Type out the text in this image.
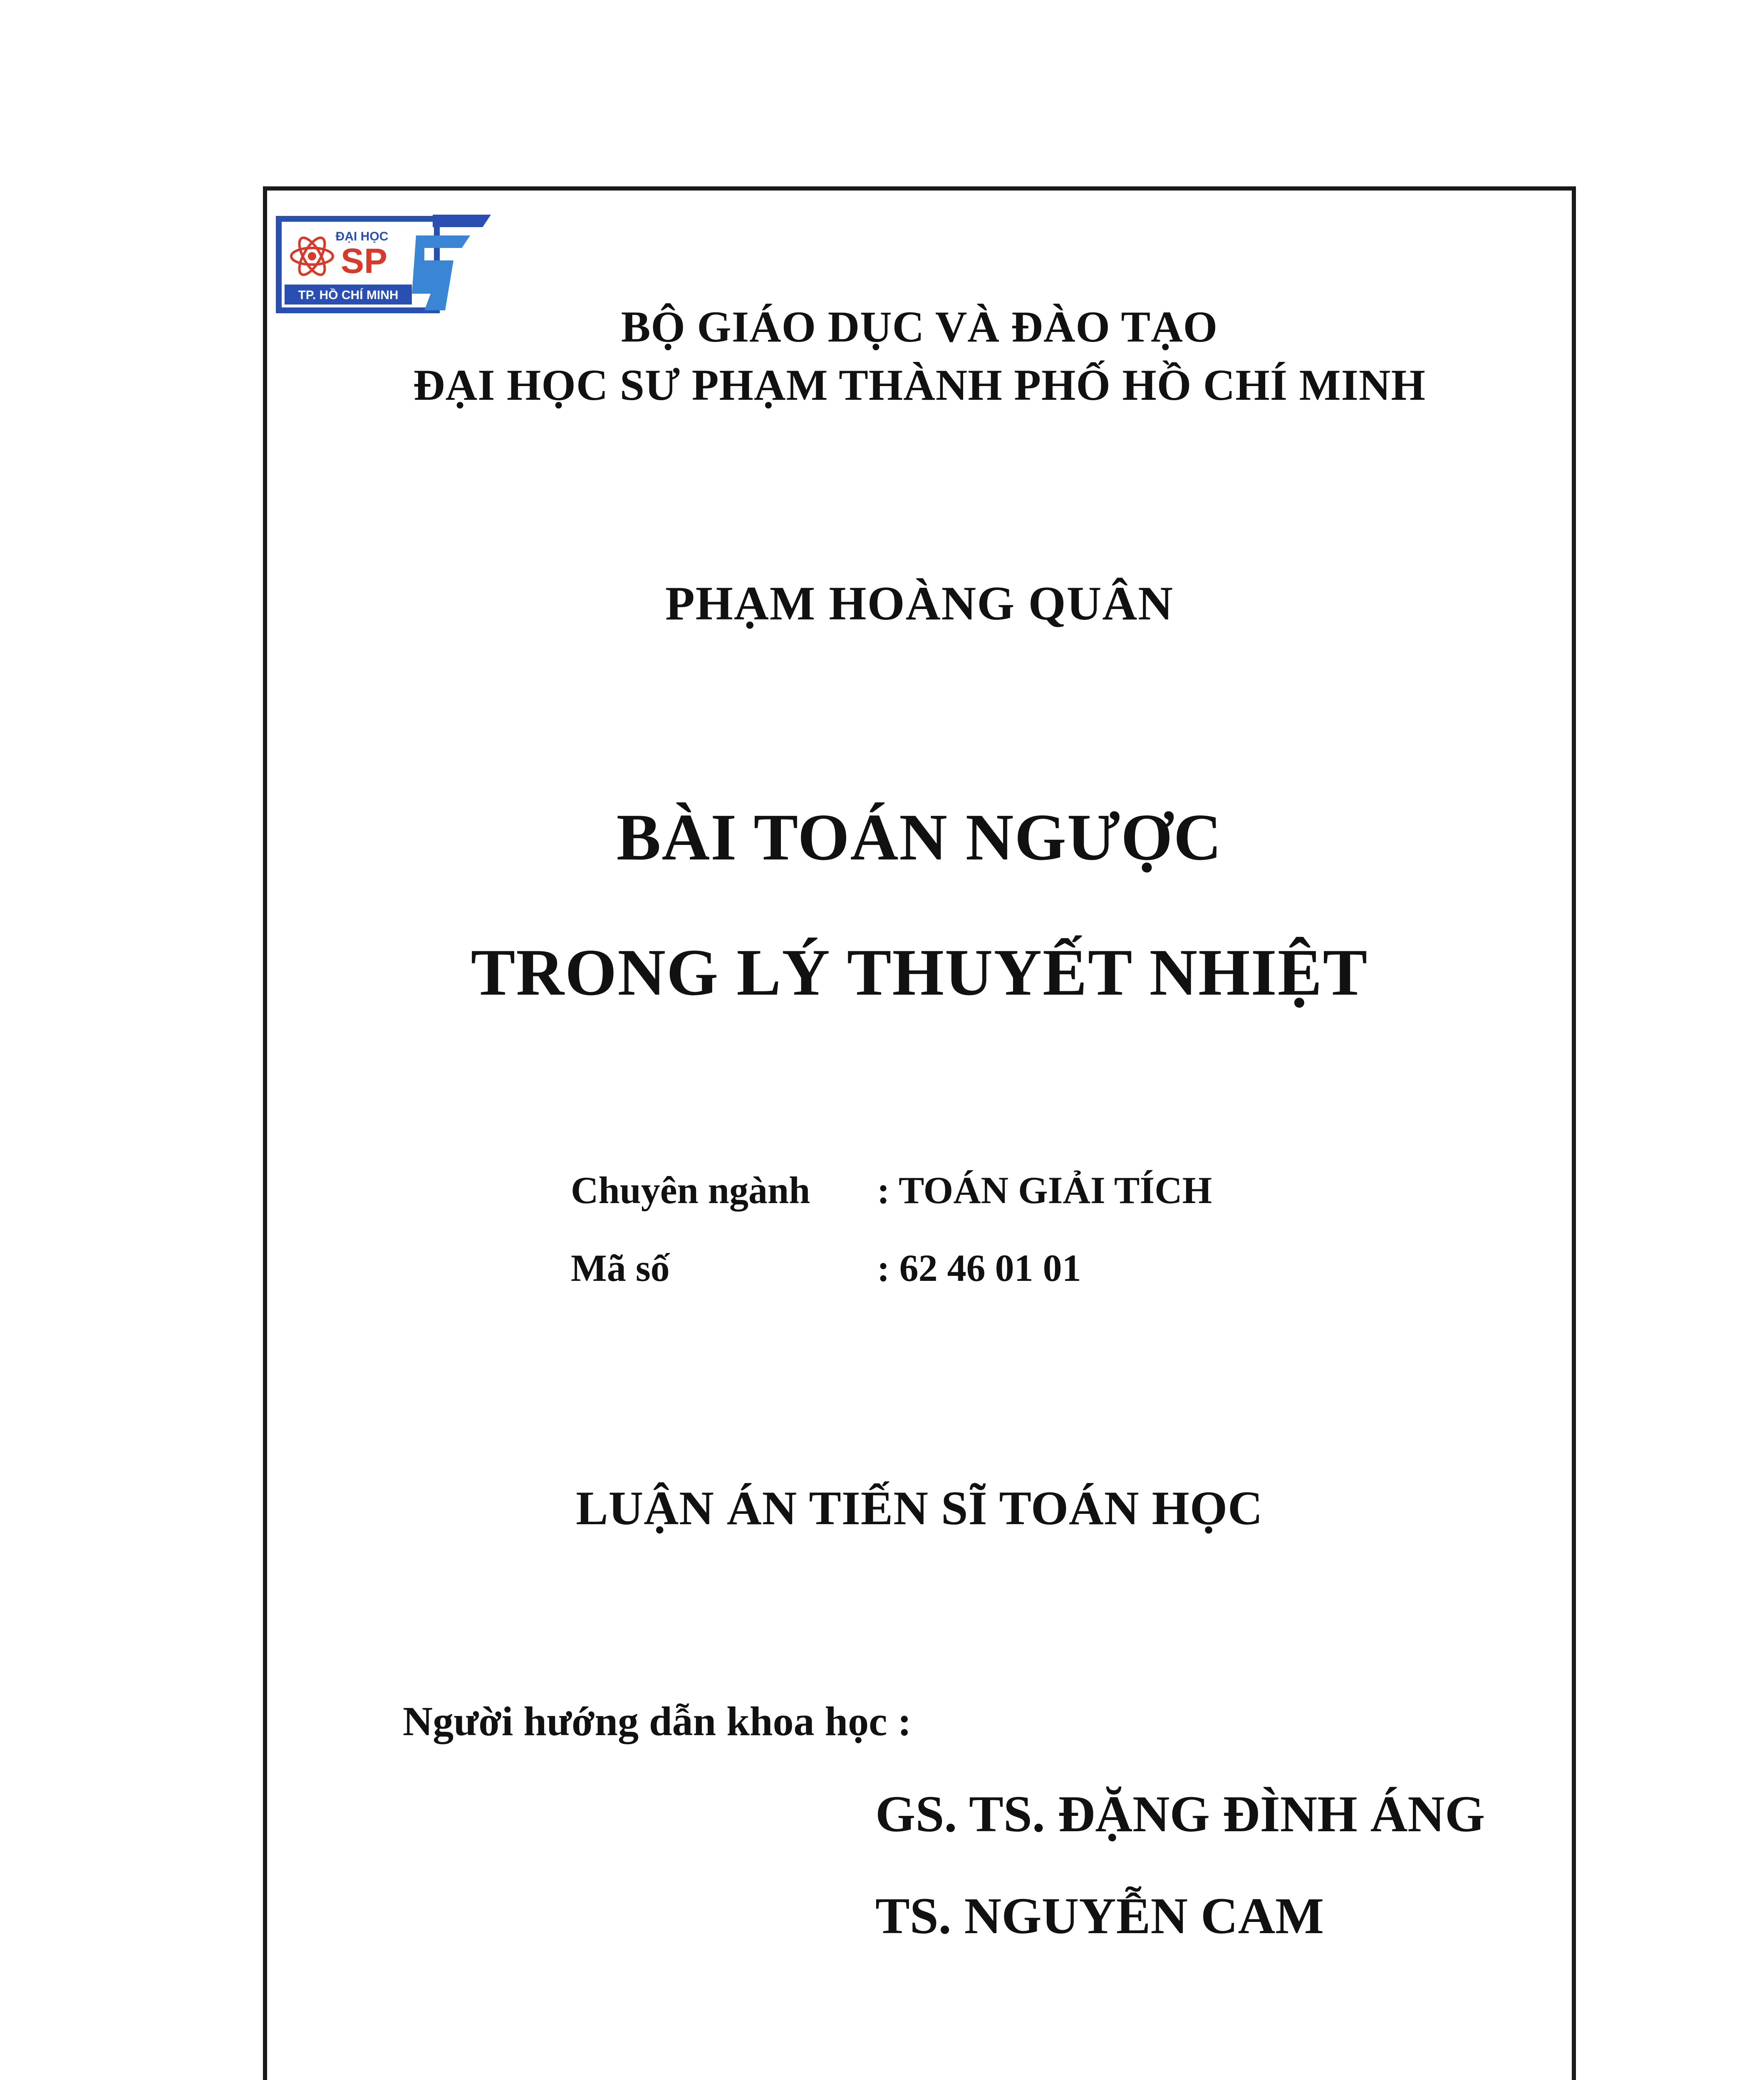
ĐẠI HỌC
SP
TP. HỒ CHÍ MINH
BỘ GIÁO DỤC VÀ ĐÀO TẠO
ĐẠI HỌC SƯ PHẠM THÀNH PHỐ HỒ CHÍ MINH
PHẠM HOÀNG QUÂN
BÀI TOÁN NGƯỢC
TRONG LÝ THUYẾT NHIỆT
Chuyên ngành : TOÁN GIẢI TÍCH
Mã số	: 62 46 01 01
LUẬN ÁN TIẾN SĨ TOÁN HỌC
Người hướng dẫn khoa học :
GS. TS. ĐẶNG ĐÌNH ÁNG
TS. NGUYỄN CAM
